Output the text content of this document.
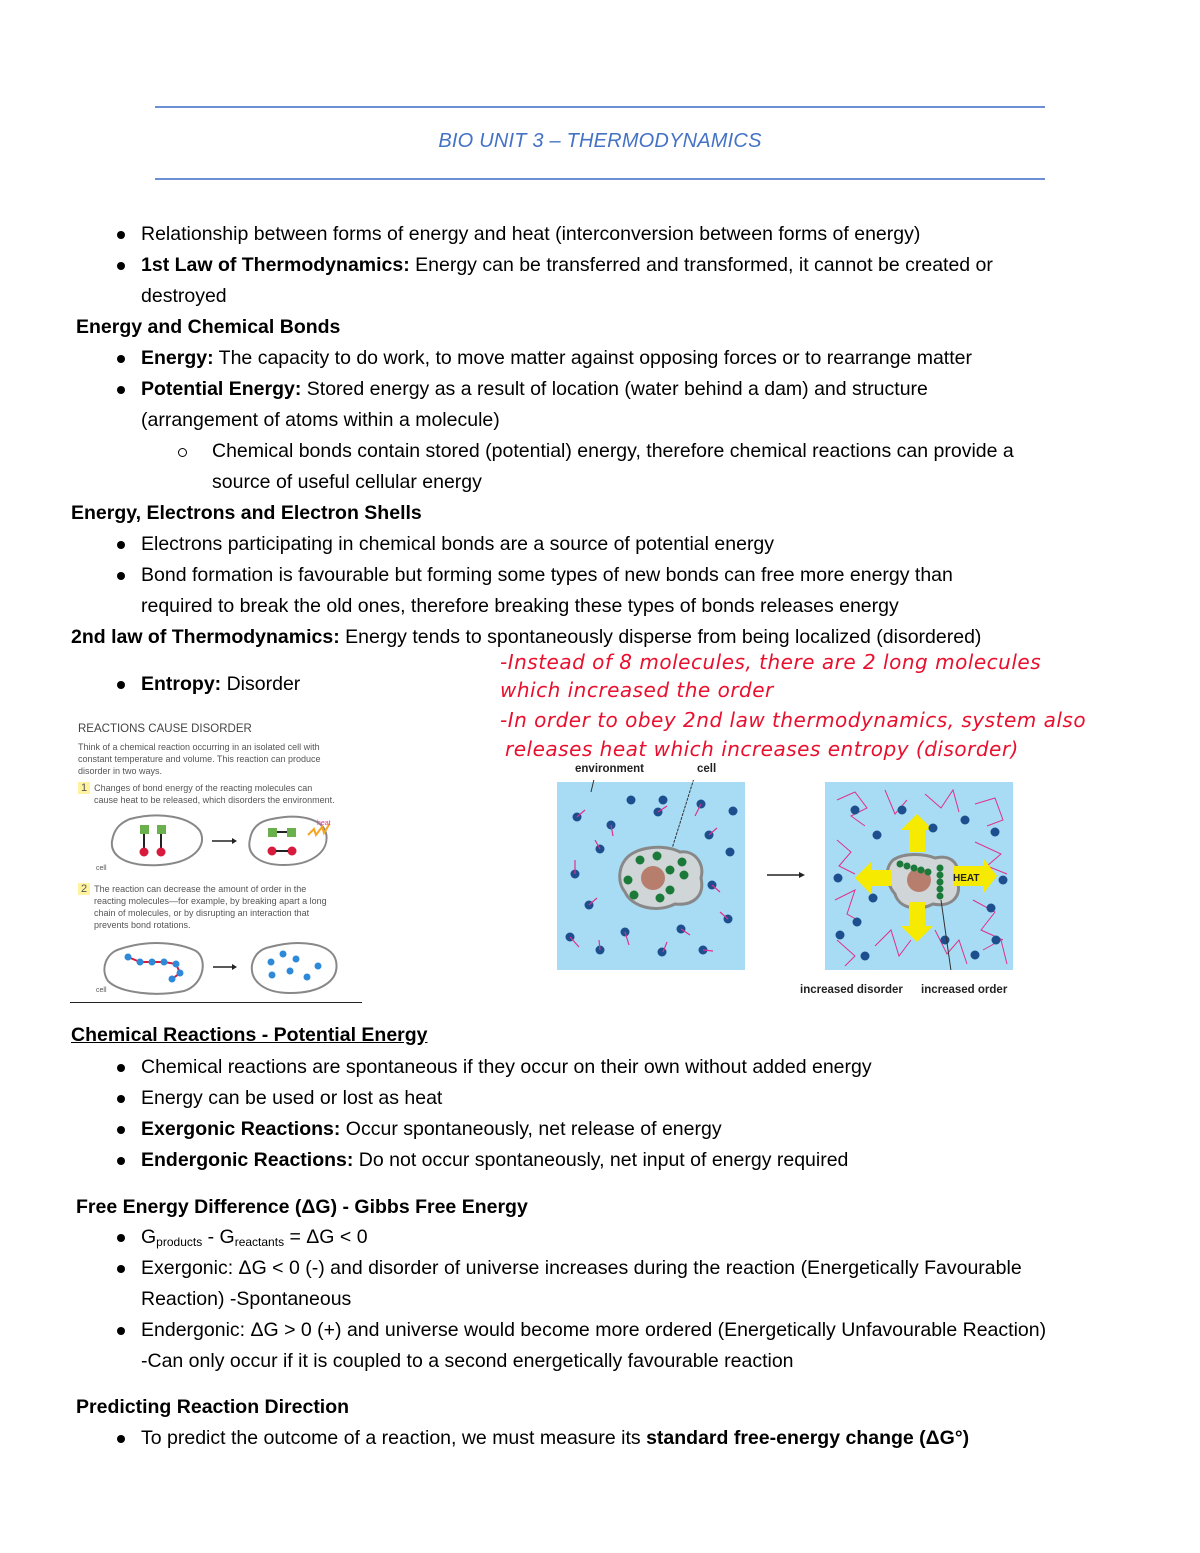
BIO UNIT 3 – THERMODYNAMICS
Relationship between forms of energy and heat (interconversion between forms of energy)
1st Law of Thermodynamics: Energy can be transferred and transformed, it cannot be created or
destroyed
Energy and Chemical Bonds
Energy: The capacity to do work, to move matter against opposing forces or to rearrange matter
Potential Energy: Stored energy as a result of location (water behind a dam) and structure
(arrangement of atoms within a molecule)
Chemical bonds contain stored (potential) energy, therefore chemical reactions can provide a
source of useful cellular energy
Energy, Electrons and Electron Shells
Electrons participating in chemical bonds are a source of potential energy
Bond formation is favourable but forming some types of new bonds can free more energy than
required to break the old ones, therefore breaking these types of bonds releases energy
2nd law of Thermodynamics: Energy tends to spontaneously disperse from being localized (disordered)
Entropy: Disorder
-Instead of 8 molecules, there are 2 long molecules
which increased the order
-In order to obey 2nd law thermodynamics, system also
releases heat which increases entropy (disorder)
REACTIONS CAUSE DISORDER
Think of a chemical reaction occurring in an isolated cell with
constant temperature and volume. This reaction can produce
disorder in two ways.
1 Changes of bond energy of the reacting molecules can
cause heat to be released, which disorders the environment.
heat
cell
2 The reaction can decrease the amount of order in the
reacting molecules—for example, by breaking apart a long
chain of molecules, or by disrupting an interaction that
prevents bond rotations.
cell
environment	cell
HEAT
increased disorder increased order
Chemical Reactions - Potential Energy
Chemical reactions are spontaneous if they occur on their own without added energy
Energy can be used or lost as heat
Exergonic Reactions: Occur spontaneously, net release of energy
Endergonic Reactions: Do not occur spontaneously, net input of energy required
Free Energy Difference (ΔG) - Gibbs Free Energy
$G_{products} - G_{reactants} = \Delta G < 0$
Exergonic: ΔG < 0 (-) and disorder of universe increases during the reaction (Energetically Favourable
Reaction) -Spontaneous
Endergonic: ΔG > 0 (+) and universe would become more ordered (Energetically Unfavourable Reaction)
-Can only occur if it is coupled to a second energetically favourable reaction
Predicting Reaction Direction
To predict the outcome of a reaction, we must measure its standard free-energy change (ΔG°)
